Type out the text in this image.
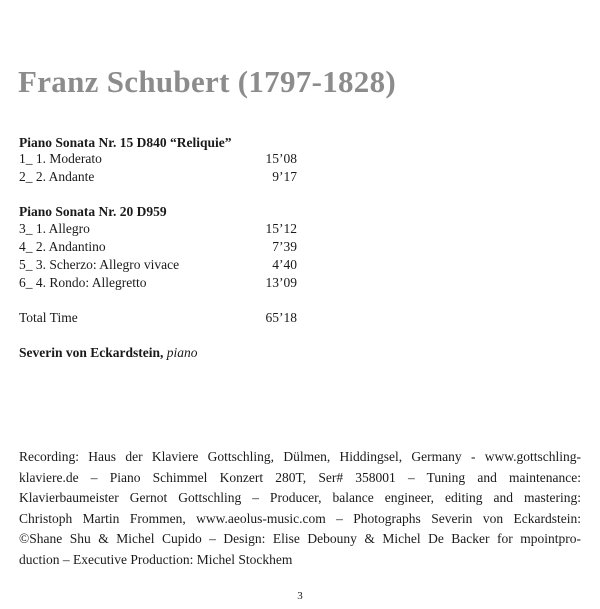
Franz Schubert (1797-1828)
Piano Sonata Nr. 15 D840 “Reliquie”
1_ 1. Moderato	15’08
2_ 2. Andante	9’17
Piano Sonata Nr. 20 D959
3_ 1. Allegro	15’12
4_ 2. Andantino	7’39
5_ 3. Scherzo: Allegro vivace	4’40
6_ 4. Rondo: Allegretto	13’09
Total Time	65’18
Severin von Eckardstein, piano
Recording: Haus der Klaviere Gottschling, Dülmen, Hiddingsel, Germany - www.gottschling-
klaviere.de – Piano Schimmel Konzert 280T, Ser# 358001 – Tuning and maintenance:
Klavierbaumeister Gernot Gottschling – Producer, balance engineer, editing and mastering:
Christoph Martin Frommen, www.aeolus-music.com – Photographs Severin von Eckardstein:
©Shane Shu & Michel Cupido – Design: Elise Debouny & Michel De Backer for mpointpro-
duction – Executive Production: Michel Stockhem
3
